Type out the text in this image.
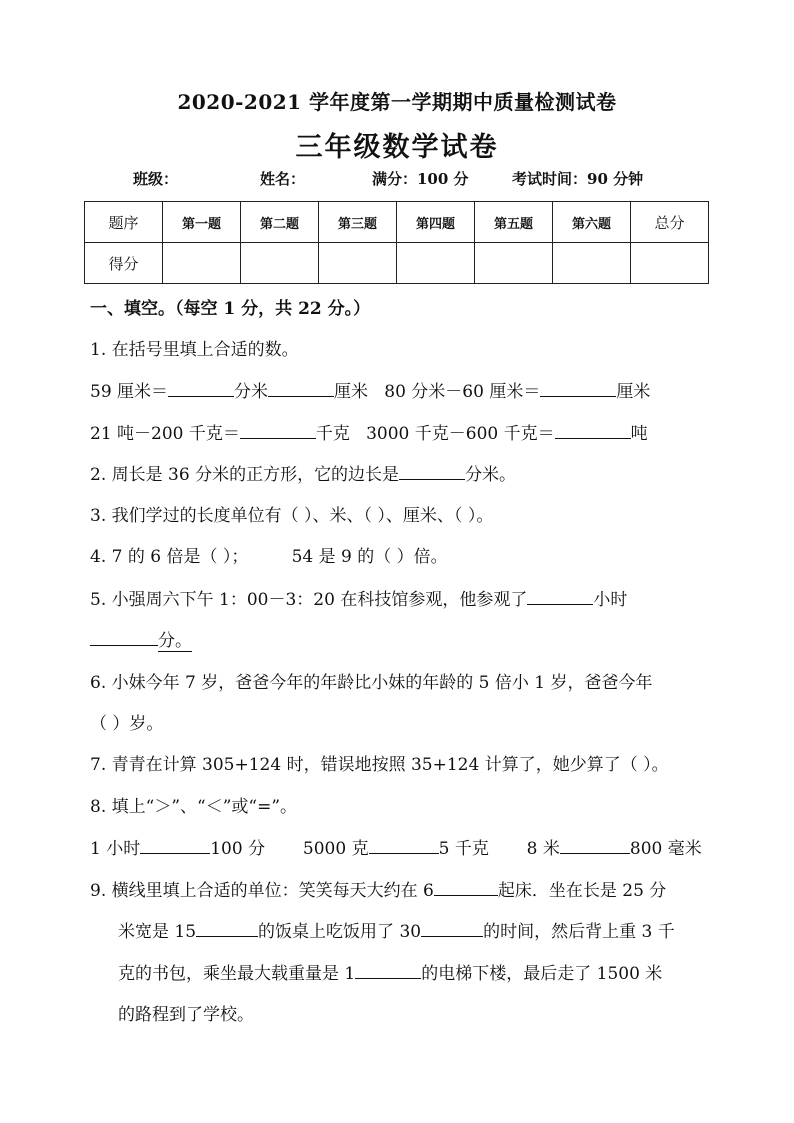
2020-2021 学年度第一学期期中质量检测试卷
三年级数学试卷
班级：	姓名：	满分：100 分	考试时间：90 分钟
题序	第一题	第二题	第三题	第四题	第五题	第六题	总分
得分							
一、填空。（每空 1 分，共 22 分。）
1. 在括号里填上合适的数。
59 厘米＝	分米	厘米 80 分米－60 厘米＝	厘米
21 吨－200 千克＝	千克 3000 千克－600 千克＝	吨
2. 周长是 36 分米的正方形，它的边长是	分米。
3. 我们学过的长度单位有（ ）、米、（ ）、厘米、（ ）。
4. 7 的 6 倍是（ ）；	54 是 9 的（ ）倍。
5. 小强周六下午 1：00－3：20 在科技馆参观，他参观了	小时
分。
6. 小妹今年 7 岁，爸爸今年的年龄比小妹的年龄的 5 倍小 1 岁，爸爸今年
（ ）岁。
7. 青青在计算 305+124 时，错误地按照 35+124 计算了，她少算了（ ）。
8. 填上“＞”、“＜”或“=”。
1 小时	100 分 5000 克	5 千克 8 米	800 毫米
9. 横线里填上合适的单位：笑笑每天大约在 6	起床．坐在长是 25 分
米宽是 15	的饭桌上吃饭用了 30	的时间，然后背上重 3 千
克的书包，乘坐最大载重量是 1	的电梯下楼，最后走了 1500 米
的路程到了学校。
